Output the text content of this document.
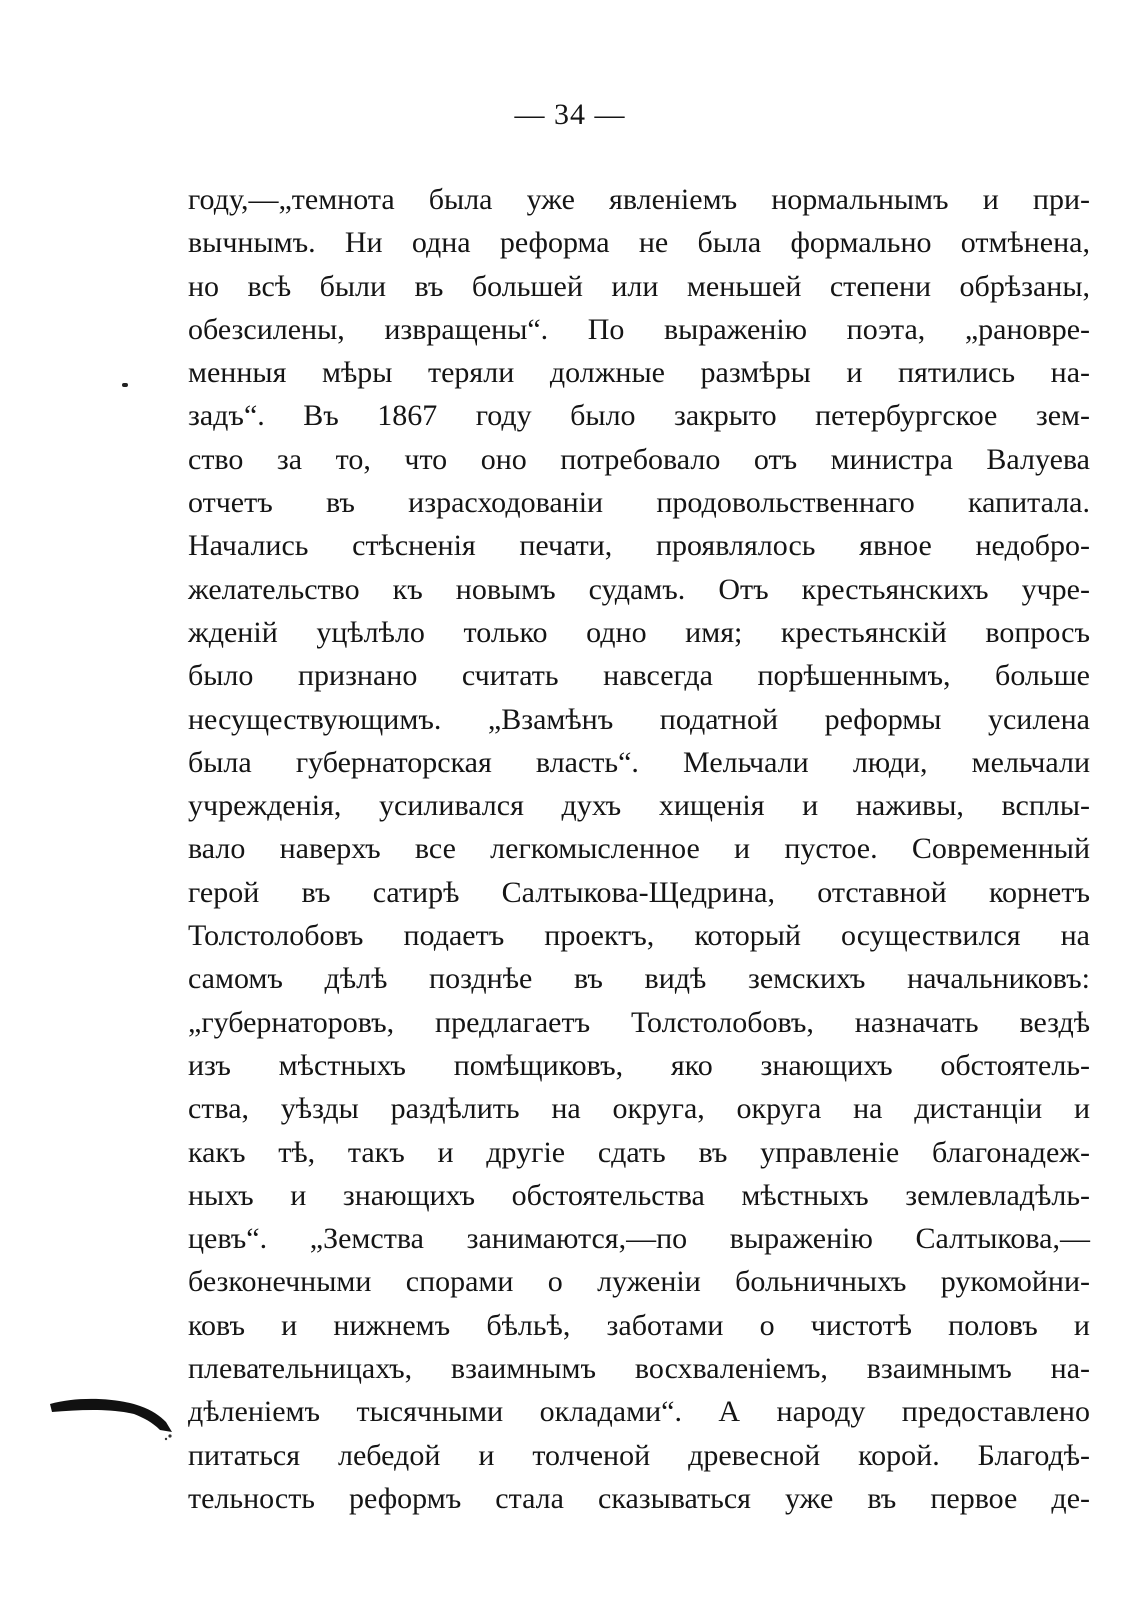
— 34 —
году,—„темнота была уже явленіемъ нормальнымъ и при-
вычнымъ. Ни одна реформа не была формально отмѣнена,
но всѣ были въ большей или меньшей степени обрѣзаны,
обезсилены, извращены“. По выраженію поэта, „рановре-
менныя мѣры теряли должные размѣры и пятились на-
задъ“. Въ 1867 году было закрыто петербургское зем-
ство за то, что оно потребовало отъ министра Валуева
отчетъ въ израсходованіи продовольственнаго капитала.
Начались стѣсненія печати, проявлялось явное недобро-
желательство къ новымъ судамъ. Отъ крестьянскихъ учре-
жденій уцѣлѣло только одно имя; крестьянскій вопросъ
было признано считать навсегда порѣшеннымъ, больше
несуществующимъ. „Взамѣнъ податной реформы усилена
была губернаторская власть“. Мельчали люди, мельчали
учрежденія, усиливался духъ хищенія и наживы, всплы-
вало наверхъ все легкомысленное и пустое. Современный
герой въ сатирѣ Салтыкова-Щедрина, отставной корнетъ
Толстолобовъ подаетъ проектъ, который осуществился на
самомъ дѣлѣ позднѣе въ видѣ земскихъ начальниковъ:
„губернаторовъ, предлагаетъ Толстолобовъ, назначать вездѣ
изъ мѣстныхъ помѣщиковъ, яко знающихъ обстоятель-
ства, уѣзды раздѣлить на округа, округа на дистанціи и
какъ тѣ, такъ и другіе сдать въ управленіе благонадеж-
ныхъ и знающихъ обстоятельства мѣстныхъ землевладѣль-
цевъ“. „Земства занимаются,—по выраженію Салтыкова,—
безконечными спорами о луженіи больничныхъ рукомойни-
ковъ и нижнемъ бѣльѣ, заботами о чистотѣ половъ и
плевательницахъ, взаимнымъ восхваленіемъ, взаимнымъ на-
дѣленіемъ тысячными окладами“. А народу предоставлено
питаться лебедой и толченой древесной корой. Благодѣ-
тельность реформъ стала сказываться уже въ первое де-
